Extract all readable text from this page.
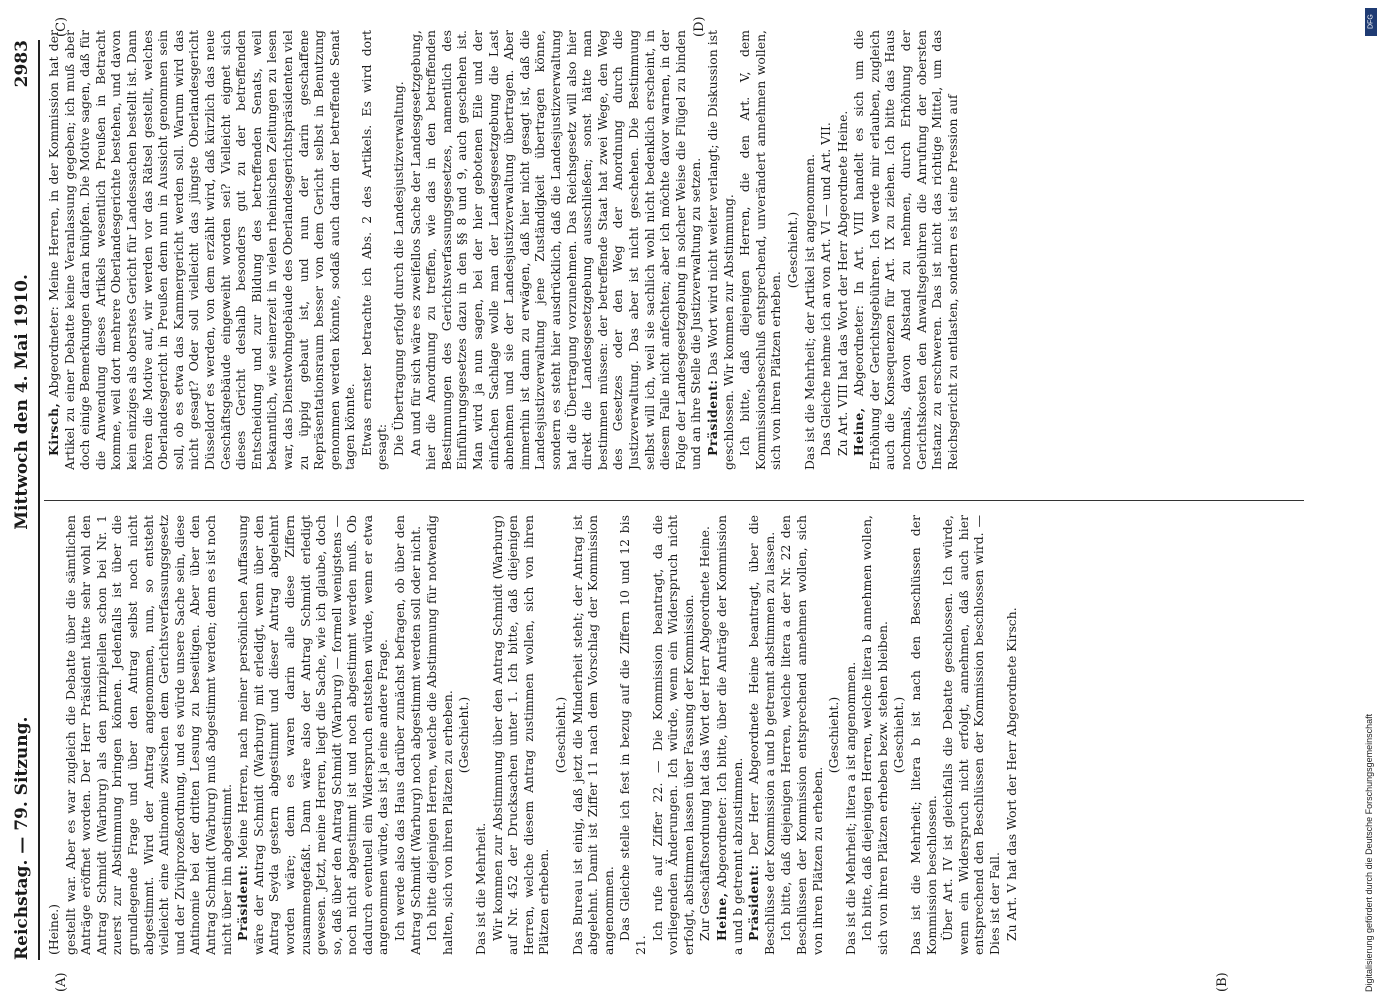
Reichstag. — 79. Sitzung.
Mittwoch den 4. Mai 1910.
2983
(A)	(B)
(C)	(D)

(Heine.) gestellt war. Aber es war zugleich die Debatte über die sämtlichen Anträge eröffnet worden. Der Herr Präsident hätte sehr wohl den Antrag Schmidt (Warburg) als den prinzipiellen schon bei Nr. 1 zuerst zur Abstimmung bringen können. Jedenfalls ist über die grundlegende Frage und über den Antrag selbst noch nicht abgestimmt. Wird der Antrag angenommen, nun, so entsteht vielleicht eine Antinomie zwischen dem Gerichtsverfassungsgesetz und der Zivilprozeßordnung, und es würde unsere Sache sein, diese Antinomie bei der dritten Lesung zu beseitigen. Aber über den Antrag Schmidt (Warburg) muß abgestimmt werden; denn es ist noch nicht über ihn abgestimmt. Präsident: Meine Herren, nach meiner persönlichen Auffassung wäre der Antrag Schmidt (Warburg) mit erledigt, wenn über den Antrag Seyda gestern abgestimmt und dieser Antrag abgelehnt worden wäre; denn es waren darin alle diese Ziffern zusammengefaßt. Dann wäre also der Antrag Schmidt erledigt gewesen. Jetzt, meine Herren, liegt die Sache, wie ich glaube, doch so, daß über den Antrag Schmidt (Warburg) — formell wenigstens — noch nicht abgestimmt ist und noch abgestimmt werden muß. Ob dadurch eventuell ein Widerspruch entstehen würde, wenn er etwa angenommen würde, das ist ja eine andere Frage. Ich werde also das Haus darüber zunächst befragen, ob über den Antrag Schmidt (Warburg) noch abgestimmt werden soll oder nicht. Ich bitte diejenigen Herren, welche die Abstimmung für notwendig halten, sich von ihren Plätzen zu erheben. (Geschieht.)

Das ist die Mehrheit. Wir kommen zur Abstimmung über den Antrag Schmidt (Warburg) auf Nr. 452 der Drucksachen unter 1. Ich bitte, daß diejenigen Herren, welche diesem Antrag zustimmen wollen, sich von ihren Plätzen erheben.

(Geschieht.) Das Bureau ist einig, daß jetzt die Minderheit steht; der Antrag ist abgelehnt. Damit ist Ziffer 11 nach dem Vorschlag der Kommission angenommen. Das Gleiche stelle ich fest in bezug auf die Ziffern 10 und 12 bis 21.

Ich rufe auf Ziffer 22. — Die Kommission beantragt, da die vorliegenden Änderungen. Ich würde, wenn ein Widerspruch nicht erfolgt, abstimmen lassen über Fassung der Kommission. Zur Geschäftsordnung hat das Wort der Herr Abgeordnete Heine. Heine, Abgeordneter: Ich bitte, über die Anträge der Kommission a und b getrennt abzustimmen. Präsident: Der Herr Abgeordnete Heine beantragt, über die Beschlüsse der Kommission a und b getrennt abstimmen zu lassen. Ich bitte, daß diejenigen Herren, welche litera a der Nr. 22 den Beschlüssen der Kommission entsprechend annehmen wollen, sich von ihren Plätzen zu erheben.

(Geschieht.) Das ist die Mehrheit; litera a ist angenommen. Ich bitte, daß diejenigen Herren, welche litera b annehmen wollen, sich von ihren Plätzen erheben bezw. stehen bleiben. (Geschieht.) Das ist die Mehrheit; litera b ist nach den Beschlüssen der Kommission beschlossen. Über Art. IV ist gleichfalls die Debatte geschlossen. Ich würde, wenn ein Widerspruch nicht erfolgt, annehmen, daß auch hier entsprechend den Beschlüssen der Kommission beschlossen wird. — Dies ist der Fall. Zu Art. V hat das Wort der Herr Abgeordnete Kirsch.

Kirsch, Abgeordneter: Meine Herren, in der Kommission hat der Artikel zu einer Debatte keine Veranlassung gegeben; ich muß aber doch einige Bemerkungen daran knüpfen. Die Motive sagen, daß für die Anwendung dieses Artikels wesentlich Preußen in Betracht komme, weil dort mehrere Oberlandesgerichte bestehen, und davon kein einziges als oberstes Gericht für Landessachen bestellt ist. Dann hören die Motive auf, wir werden vor das Rätsel gestellt, welches Oberlandesgericht in Preußen denn nun in Aussicht genommen sein soll, ob es etwa das Kammergericht werden soll. Warum wird das nicht gesagt? Oder soll vielleicht das jüngste Oberlandesgericht Düsseldorf es werden, von dem erzählt wird, daß kürzlich das neue Geschäftsgebäude eingeweiht worden sei? Vielleicht eignet sich dieses Gericht deshalb besonders gut zu der betreffenden Entscheidung und zur Bildung des betreffenden Senats, weil bekanntlich, wie seinerzeit in vielen rheinischen Zeitungen zu lesen war, das Dienstwohngebäude des Oberlandesgerichtspräsidenten viel zu üppig gebaut ist, und nun der darin geschaffene Repräsentationsraum besser von dem Gericht selbst in Benutzung genommen werden könnte, sodaß auch darin der betreffende Senat tagen könnte. Etwas ernster betrachte ich Abs. 2 des Artikels. Es wird dort gesagt: Die Übertragung erfolgt durch die Landesjustizverwaltung. An und für sich wäre es zweifellos Sache der Landesgesetzgebung, hier die Anordnung zu treffen, wie das in den betreffenden Bestimmungen des Gerichtsverfassungsgesetzes, namentlich des Einführungsgesetzes dazu in den §§ 8 und 9, auch geschehen ist. Man wird ja nun sagen, bei der hier gebotenen Eile und der einfachen Sachlage wolle man der Landesgesetzgebung die Last abnehmen und sie der Landesjustizverwaltung übertragen. Aber immerhin ist dann zu erwägen, daß hier nicht gesagt ist, daß die Landesjustizverwaltung jene Zuständigkeit übertragen könne, sondern es steht hier ausdrücklich, daß die Landesjustizverwaltung hat die Übertragung vorzunehmen. Das Reichsgesetz will also hier direkt die Landesgesetzgebung ausschließen; sonst hätte man bestimmen müssen: der betreffende Staat hat zwei Wege, den Weg des Gesetzes oder den Weg der Anordnung durch die Justizverwaltung. Das aber ist nicht geschehen. Die Bestimmung selbst will ich, weil sie sachlich wohl nicht bedenklich erscheint, in diesem Falle nicht anfechten; aber ich möchte davor warnen, in der Folge der Landesgesetzgebung in solcher Weise die Flügel zu binden und an ihre Stelle die Justizverwaltung zu setzen. Präsident: Das Wort wird nicht weiter verlangt; die Diskussion ist geschlossen. Wir kommen zur Abstimmung. Ich bitte, daß diejenigen Herren, die den Art. V, dem Kommissionsbeschluß entsprechend, unverändert annehmen wollen, sich von ihren Plätzen erheben.

(Geschieht.) Das ist die Mehrheit; der Artikel ist angenommen. Das Gleiche nehme ich an von Art. VI — und Art. VII. Zu Art. VIII hat das Wort der Herr Abgeordnete Heine. Heine, Abgeordneter: In Art. VIII handelt es sich um die Erhöhung der Gerichtsgebühren. Ich werde mir erlauben, zugleich auch die Konsequenzen für Art. IX zu ziehen. Ich bitte das Haus nochmals, davon Abstand zu nehmen, durch Erhöhung der Gerichtskosten den Anwaltsgebühren die Anrufung der obersten Instanz zu erschweren. Das ist nicht das richtige Mittel, um das Reichsgericht zu entlasten, sondern es ist eine Pression auf

Digitalisierung gefördert durch die Deutsche Forschungsgemeinschaft
DFG
